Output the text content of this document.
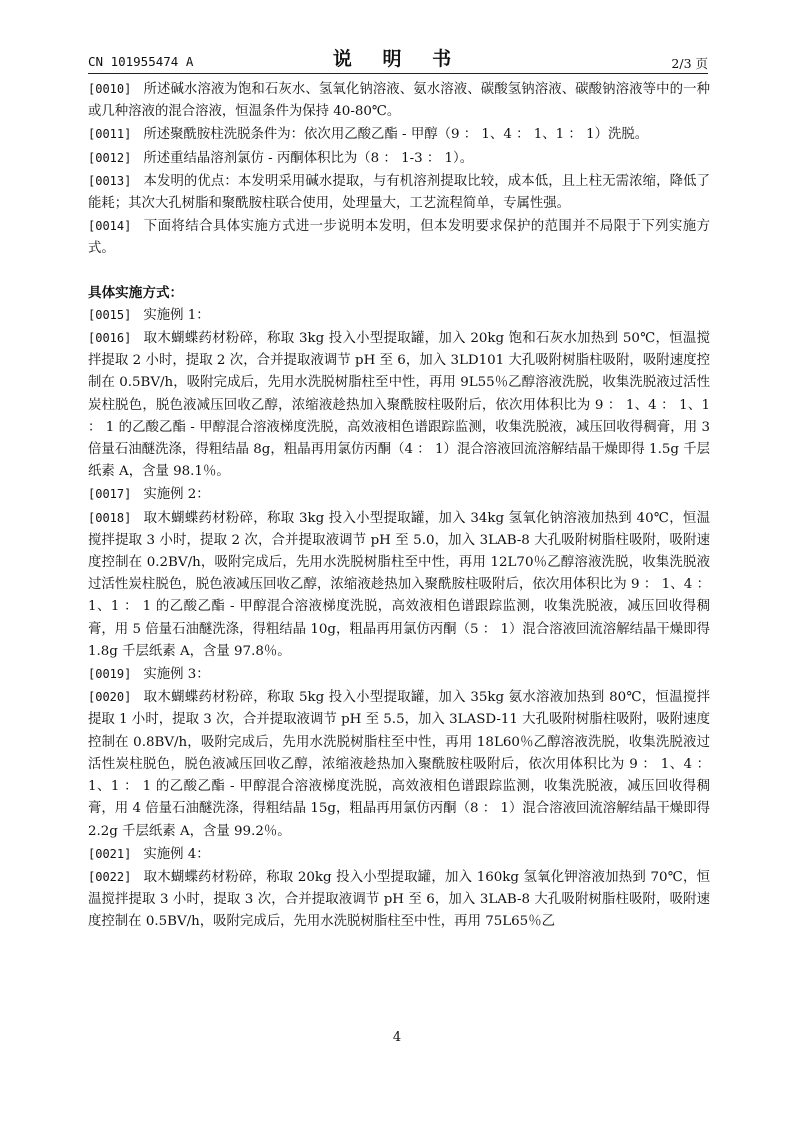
CN 101955474 A	说 明 书	2/3 页

[0010] 所述碱水溶液为饱和石灰水、氢氧化钠溶液、氨水溶液、碳酸氢钠溶液、碳酸钠溶液等中的一种或几种溶液的混合溶液，恒温条件为保持 40-80℃。

[0011] 所述聚酰胺柱洗脱条件为：依次用乙酸乙酯 - 甲醇（9 ： 1、4 ： 1、1 ： 1）洗脱。

[0012] 所述重结晶溶剂氯仿 - 丙酮体积比为（8 ： 1-3 ： 1）。

[0013] 本发明的优点：本发明采用碱水提取，与有机溶剂提取比较，成本低，且上柱无需浓缩，降低了能耗；其次大孔树脂和聚酰胺柱联合使用，处理量大，工艺流程简单，专属性强。

[0014] 下面将结合具体实施方式进一步说明本发明，但本发明要求保护的范围并不局限于下列实施方式。

具体实施方式：

[0015] 实施例 1：

[0016] 取木蝴蝶药材粉碎，称取 3kg 投入小型提取罐，加入 20kg 饱和石灰水加热到 50℃，恒温搅拌提取 2 小时，提取 2 次，合并提取液调节 pH 至 6，加入 3LD101 大孔吸附树脂柱吸附，吸附速度控制在 0.5BV/h，吸附完成后，先用水洗脱树脂柱至中性，再用 9L55％乙醇溶液洗脱，收集洗脱液过活性炭柱脱色，脱色液减压回收乙醇，浓缩液趁热加入聚酰胺柱吸附后，依次用体积比为 9 ： 1、4 ： 1、1 ： 1 的乙酸乙酯 - 甲醇混合溶液梯度洗脱，高效液相色谱跟踪监测，收集洗脱液，减压回收得稠膏，用 3 倍量石油醚洗涤，得粗结晶 8g，粗晶再用氯仿丙酮（4 ： 1）混合溶液回流溶解结晶干燥即得 1.5g 千层纸素 A，含量 98.1％。

[0017] 实施例 2：

[0018] 取木蝴蝶药材粉碎，称取 3kg 投入小型提取罐，加入 34kg 氢氧化钠溶液加热到 40℃，恒温搅拌提取 3 小时，提取 2 次，合并提取液调节 pH 至 5.0，加入 3LAB-8 大孔吸附树脂柱吸附，吸附速度控制在 0.2BV/h，吸附完成后，先用水洗脱树脂柱至中性，再用 12L70％乙醇溶液洗脱，收集洗脱液过活性炭柱脱色，脱色液减压回收乙醇，浓缩液趁热加入聚酰胺柱吸附后，依次用体积比为 9 ： 1、4 ： 1、1 ： 1 的乙酸乙酯 - 甲醇混合溶液梯度洗脱，高效液相色谱跟踪监测，收集洗脱液，减压回收得稠膏，用 5 倍量石油醚洗涤，得粗结晶 10g，粗晶再用氯仿丙酮（5 ： 1）混合溶液回流溶解结晶干燥即得 1.8g 千层纸素 A，含量 97.8％。

[0019] 实施例 3：

[0020] 取木蝴蝶药材粉碎，称取 5kg 投入小型提取罐，加入 35kg 氨水溶液加热到 80℃，恒温搅拌提取 1 小时，提取 3 次，合并提取液调节 pH 至 5.5，加入 3LASD-11 大孔吸附树脂柱吸附，吸附速度控制在 0.8BV/h，吸附完成后，先用水洗脱树脂柱至中性，再用 18L60％乙醇溶液洗脱，收集洗脱液过活性炭柱脱色，脱色液减压回收乙醇，浓缩液趁热加入聚酰胺柱吸附后，依次用体积比为 9 ： 1、4 ： 1、1 ： 1 的乙酸乙酯 - 甲醇混合溶液梯度洗脱，高效液相色谱跟踪监测，收集洗脱液，减压回收得稠膏，用 4 倍量石油醚洗涤，得粗结晶 15g，粗晶再用氯仿丙酮（8 ： 1）混合溶液回流溶解结晶干燥即得 2.2g 千层纸素 A，含量 99.2％。

[0021] 实施例 4：

[0022] 取木蝴蝶药材粉碎，称取 20kg 投入小型提取罐，加入 160kg 氢氧化钾溶液加热到 70℃，恒温搅拌提取 3 小时，提取 3 次，合并提取液调节 pH 至 6，加入 3LAB-8 大孔吸附树脂柱吸附，吸附速度控制在 0.5BV/h，吸附完成后，先用水洗脱树脂柱至中性，再用 75L65％乙

4
